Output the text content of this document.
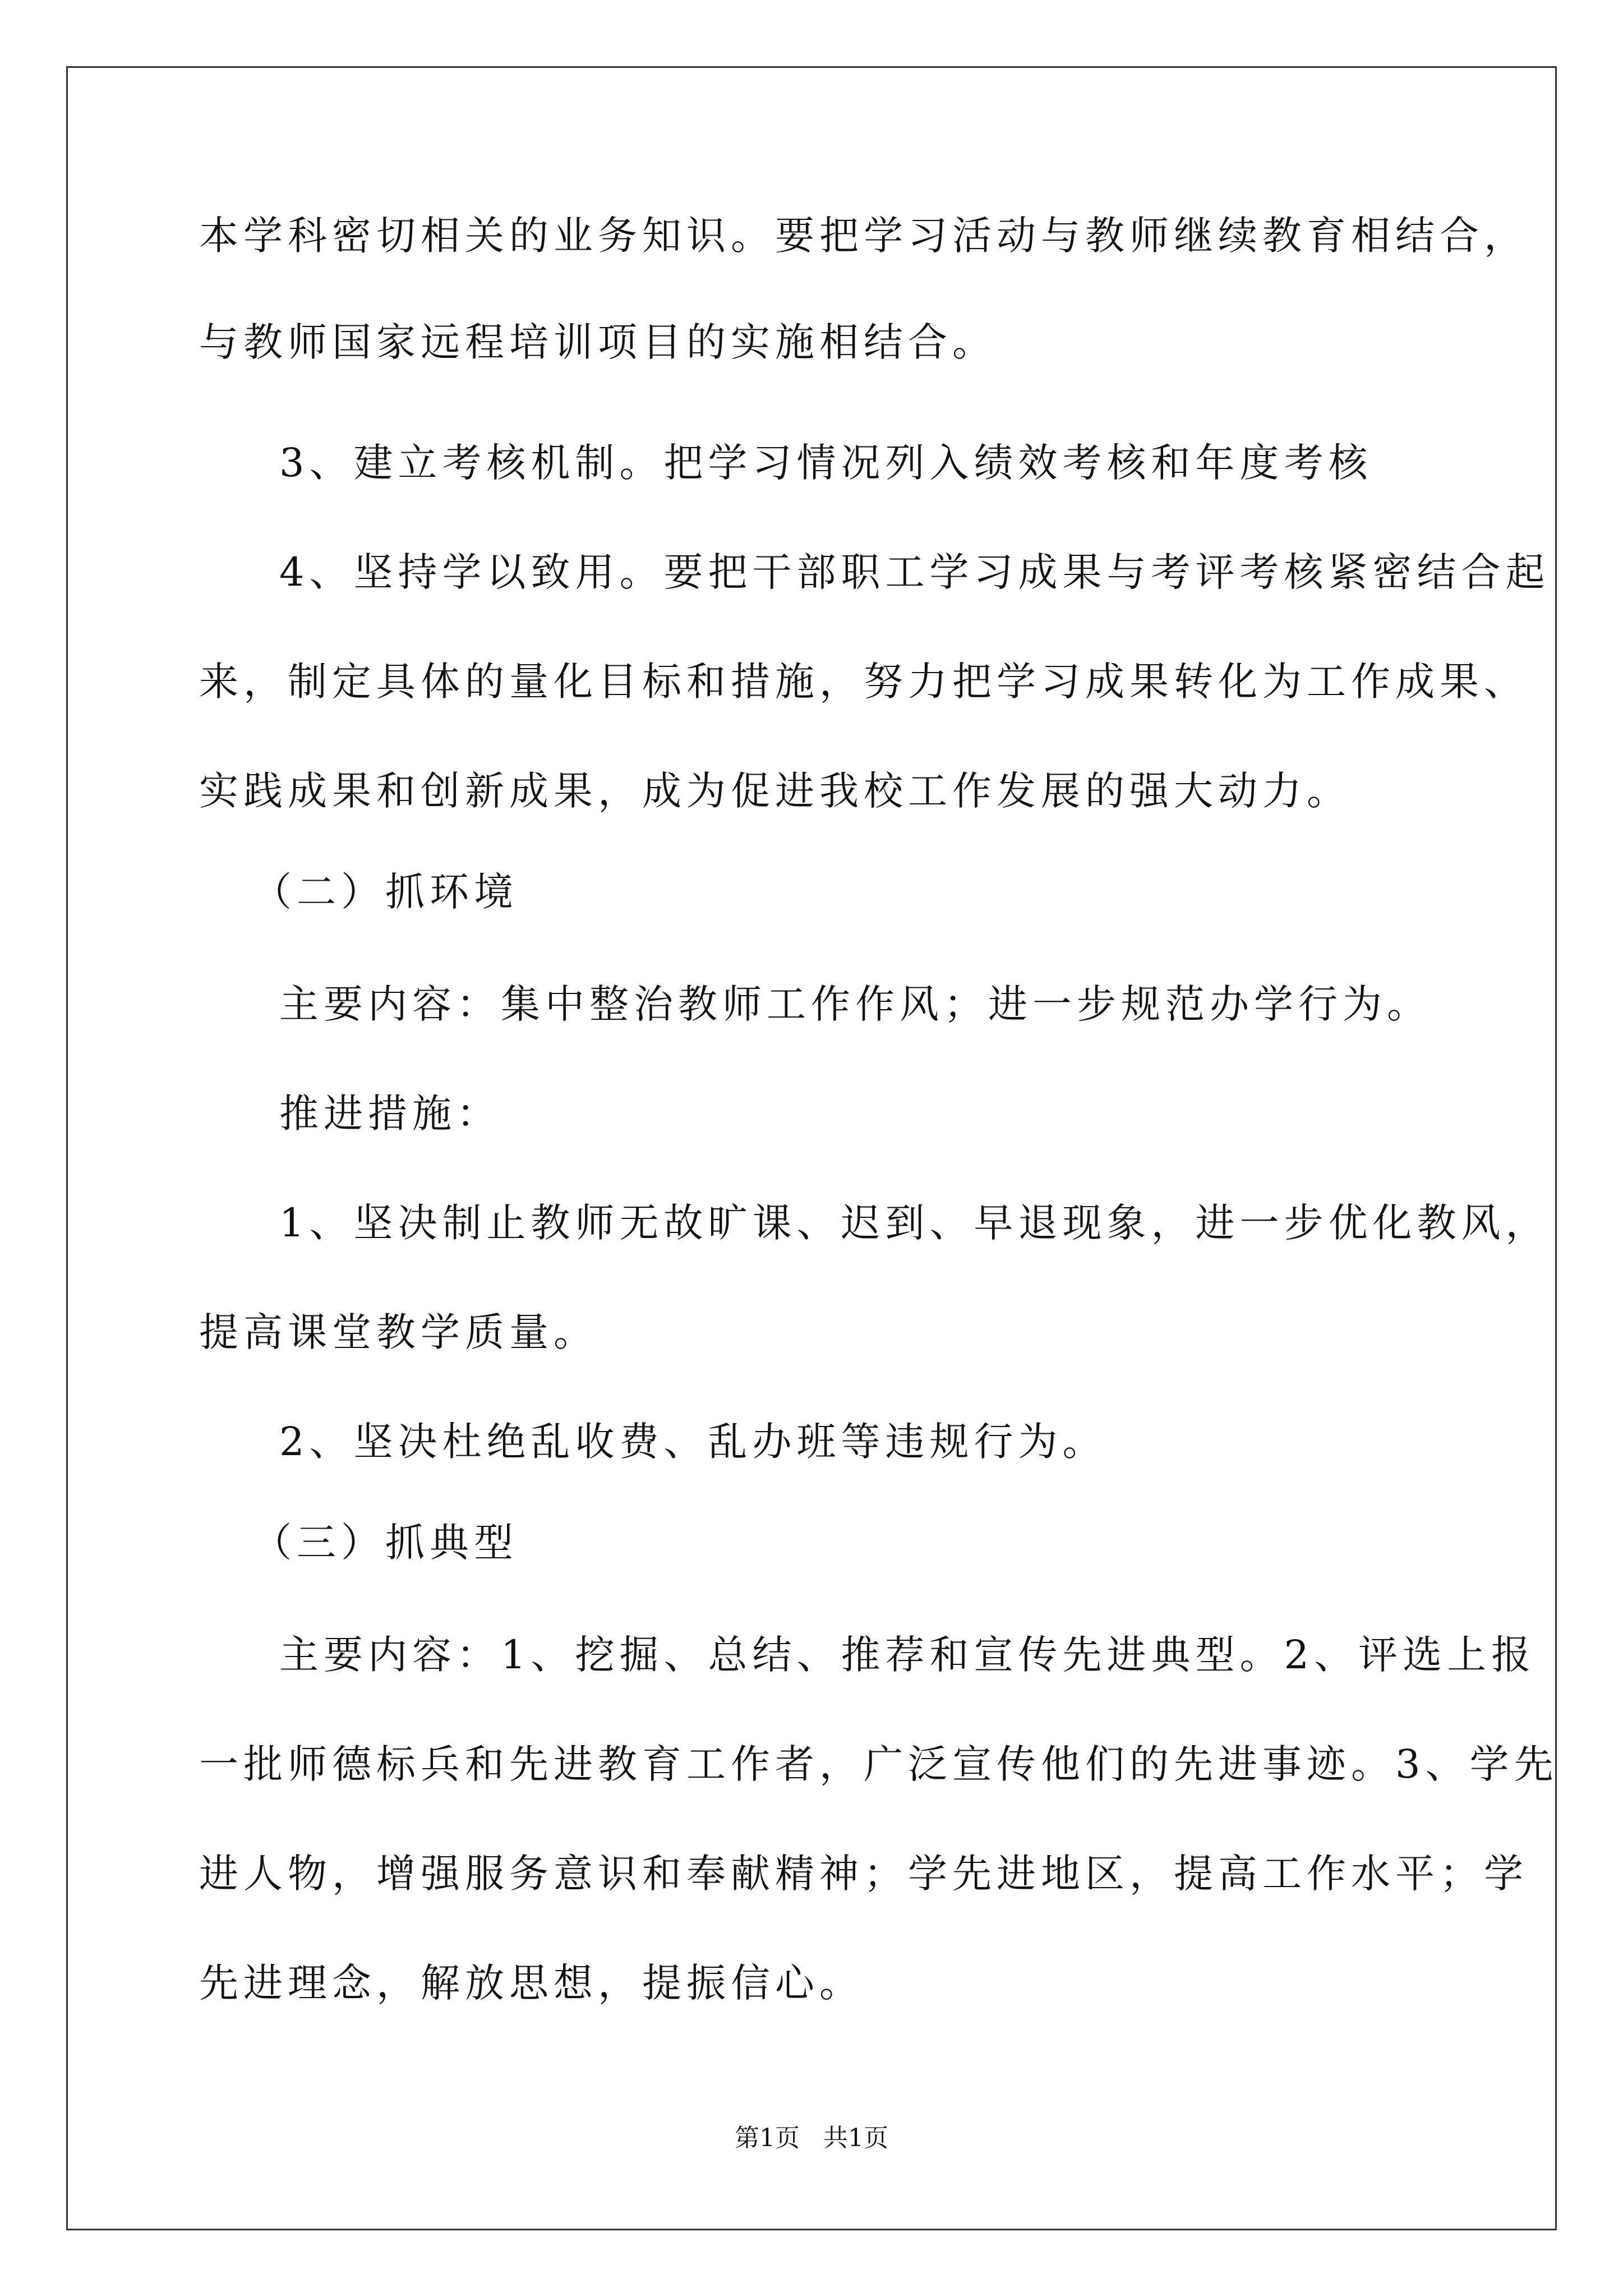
本学科密切相关的业务知识。要把学习活动与教师继续教育相结合，
与教师国家远程培训项目的实施相结合。
3、建立考核机制。把学习情况列入绩效考核和年度考核
4、坚持学以致用。要把干部职工学习成果与考评考核紧密结合起
来，制定具体的量化目标和措施，努力把学习成果转化为工作成果、
实践成果和创新成果，成为促进我校工作发展的强大动力。
（二）抓环境
主要内容：集中整治教师工作作风；进一步规范办学行为。
推进措施：
1、坚决制止教师无故旷课、迟到、早退现象，进一步优化教风，
提高课堂教学质量。
2、坚决杜绝乱收费、乱办班等违规行为。
（三）抓典型
主要内容：1、挖掘、总结、推荐和宣传先进典型。2、评选上报
一批师德标兵和先进教育工作者，广泛宣传他们的先进事迹。3、学先
进人物，增强服务意识和奉献精神；学先进地区，提高工作水平；学
先进理念，解放思想，提振信心。
第1页   共1页
